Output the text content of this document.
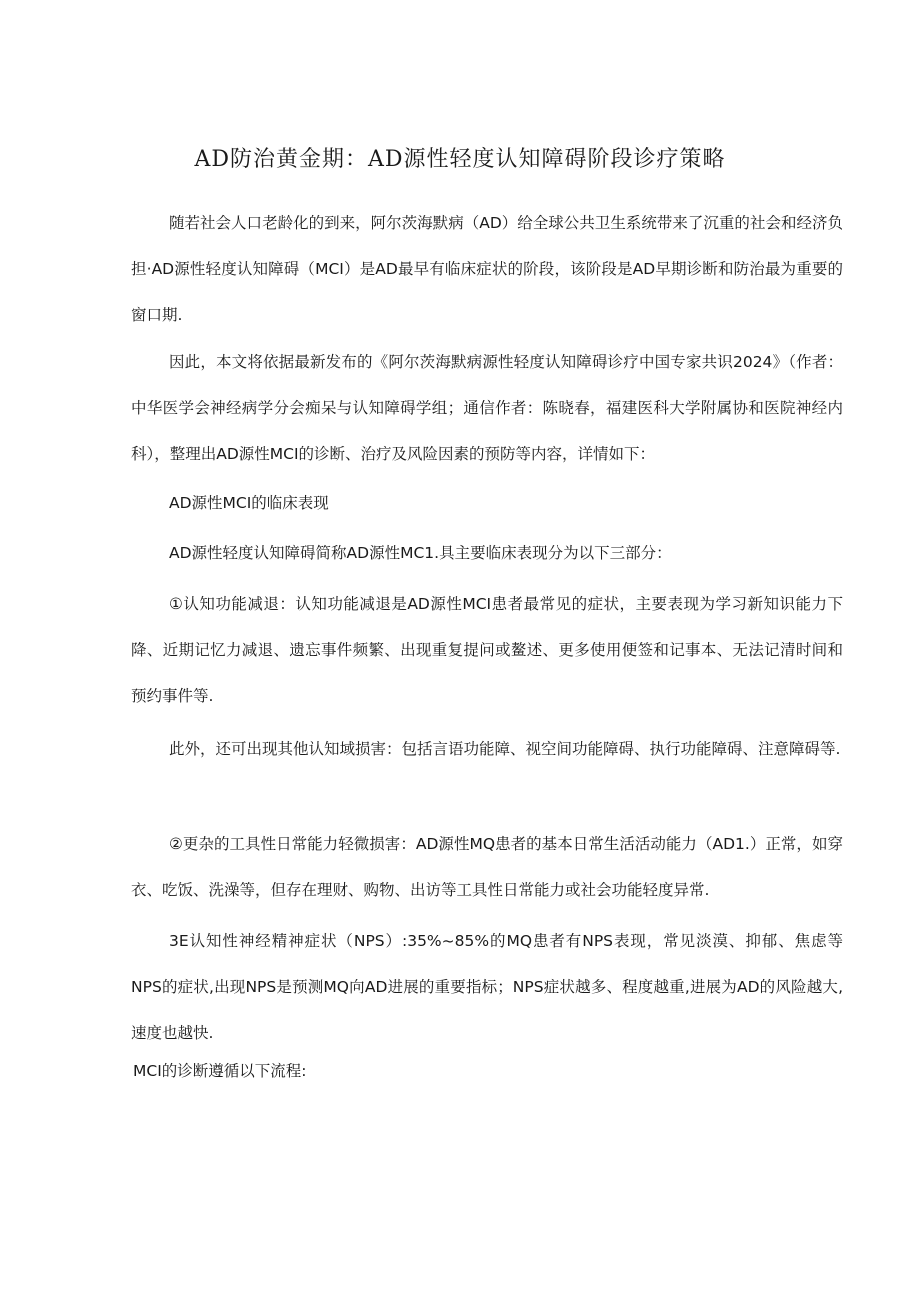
AD防治黄金期：AD源性轻度认知障碍阶段诊疗策略

随若社会人口老龄化的到来，阿尔茨海默病（AD）给全球公共卫生系统带来了沉重的社会和经济负担·AD源性轻度认知障碍（MCI）是AD最早有临床症状的阶段，该阶段是AD早期诊断和防治最为重要的窗口期.

因此，本文将依据最新发布的《阿尔茨海默病源性轻度认知障碍诊疗中国专家共识2024》（作者：中华医学会神经病学分会痴呆与认知障碍学组；通信作者：陈晓春，福建医科大学附属协和医院神经内科），整理出AD源性MCI的诊断、治疗及风险因素的预防等内容，详情如下：

AD源性MCI的临床表现

AD源性轻度认知障碍简称AD源性MC1.具主要临床表现分为以下三部分：

①认知功能减退：认知功能减退是AD源性MCI患者最常见的症状，主要表现为学习新知识能力下降、近期记忆力减退、遗忘事件频繁、出现重复提问或鳌述、更多使用便签和记事本、无法记清时间和预约事件等.

此外，还可出现其他认知域损害：包括言语功能障、视空间功能障碍、执行功能障碍、注意障碍等.

②更杂的工具性日常能力轻微损害：AD源性MQ患者的基本日常生活活动能力（AD1.）正常，如穿衣、吃饭、洗澡等，但存在理财、购物、出访等工具性日常能力或社会功能轻度异常.

3E认知性神经精神症状（NPS）:35%~85%的MQ患者有NPS表现，常见淡漠、抑郁、焦虑等NPS的症状,出现NPS是预测MQ向AD进展的重要指标；NPS症状越多、程度越重,进展为AD的风险越大,速度也越快.

MCI的诊断遵循以下流程:
